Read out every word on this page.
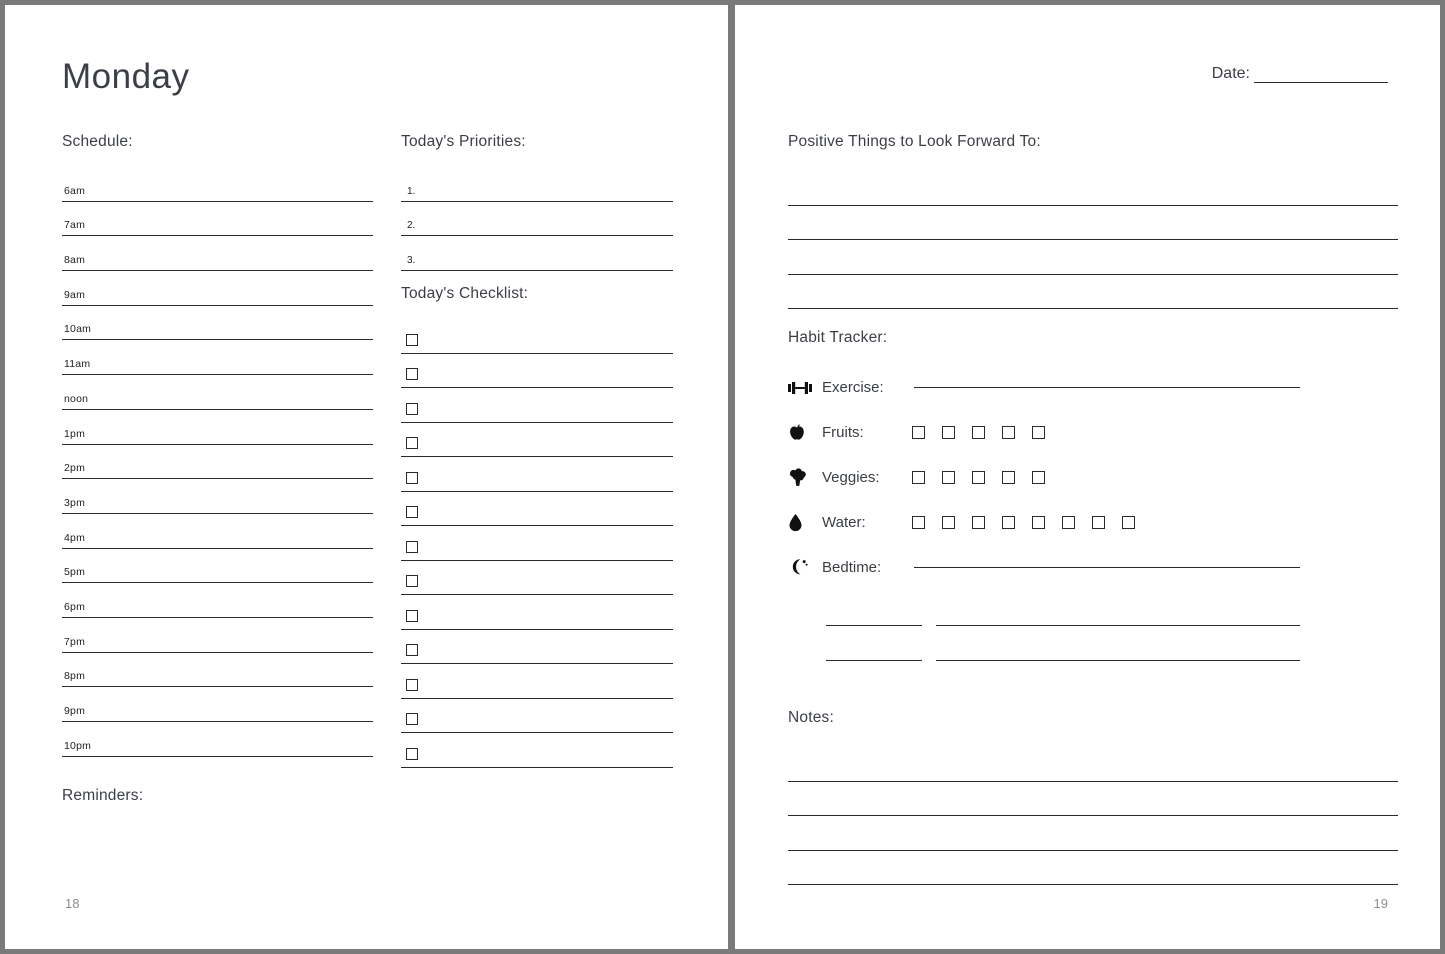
Monday
Schedule:
6am
7am
8am
9am
10am
11am
noon
1pm
2pm
3pm
4pm
5pm
6pm
7pm
8pm
9pm
10pm
Today's Priorities:
1.
2.
3.
Today's Checklist:
Reminders:
18
Date:
Positive Things to Look Forward To:
Habit Tracker:
Exercise:
Fruits:
Veggies:
Water:
Bedtime:
Notes:
19
